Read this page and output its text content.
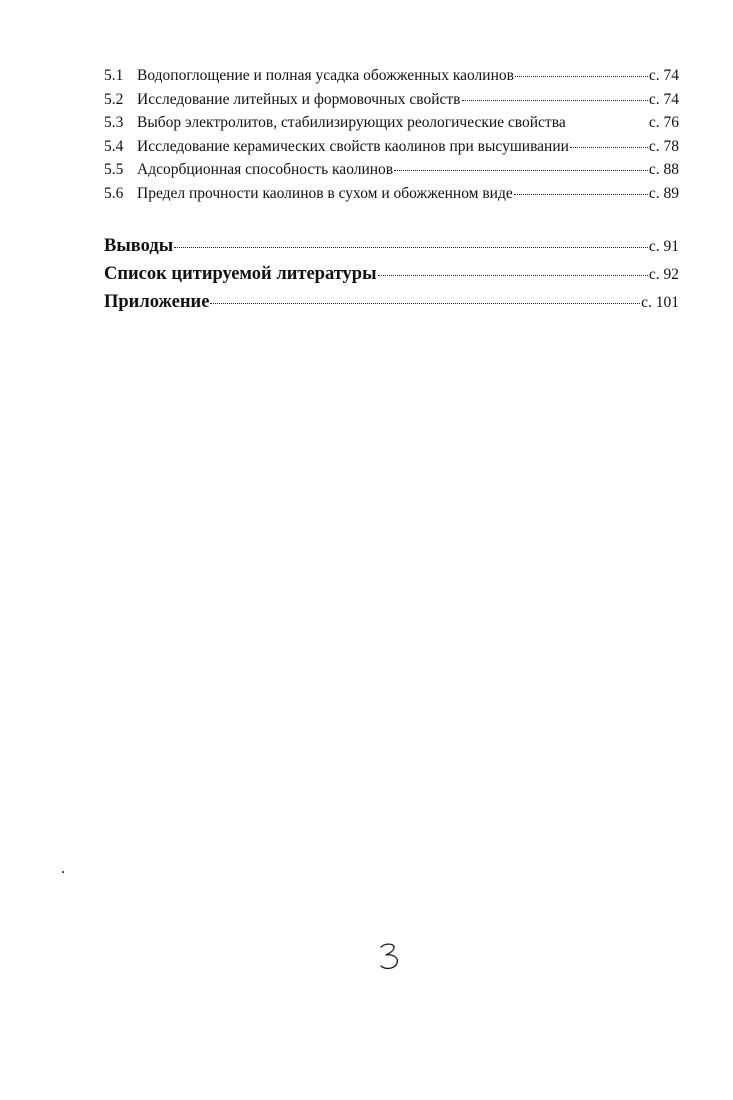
5.1 Водопоглощение и полная усадка обожженных каолинов	с. 74
5.2 Исследование литейных и формовочных свойств	с. 74
5.3 Выбор электролитов, стабилизирующих реологические свойства	с. 76
5.4 Исследование керамических свойств каолинов при высушивании	с. 78
5.5 Адсорбционная способность каолинов	с. 88
5.6 Предел прочности каолинов в сухом и обожженном виде	с. 89
Выводы	с. 91
Список цитируемой литературы	с. 92
Приложение	с. 101
